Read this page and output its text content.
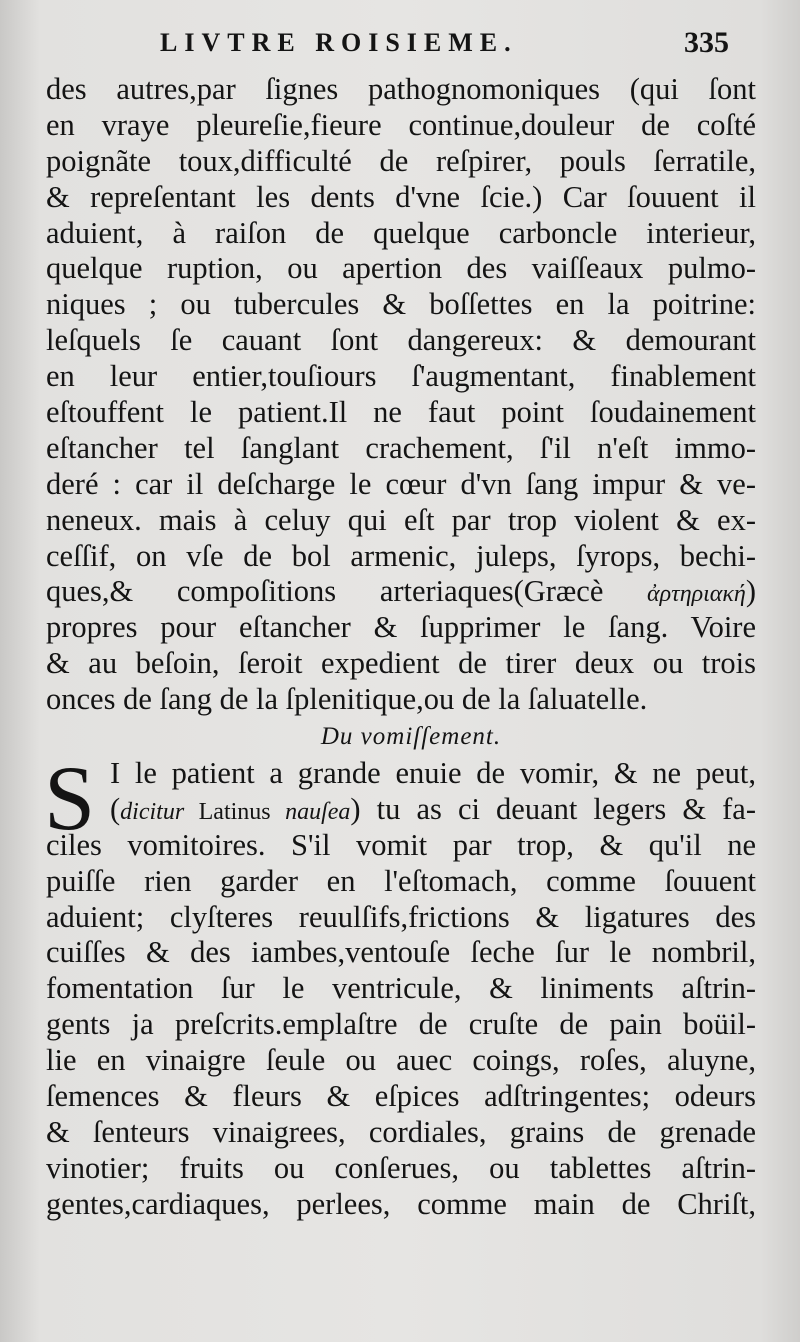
LIVTRE ROISIEME.	335
des autres,par ſignes pathognomoniques (qui ſont
en vraye pleureſie,fieure continue,douleur de coſté
poignãte toux,difficulté de reſpirer, pouls ſerratile,
& repreſentant les dents d'vne ſcie.) Car ſouuent il
aduient, à raiſon de quelque carboncle interieur,
quelque ruption, ou apertion des vaiſſeaux pulmo-
niques ; ou tubercules & boſſettes en la poitrine:
leſquels ſe cauant ſont dangereux: & demourant
en leur entier,touſiours ſ'augmentant, finablement
eſtouffent le patient.Il ne faut point ſoudainement
eſtancher tel ſanglant crachement, ſ'il n'eſt immo-
deré : car il deſcharge le cœur d'vn ſang impur & ve-
neneux. mais à celuy qui eſt par trop violent & ex-
ceſſif, on vſe de bol armenic, juleps, ſyrops, bechi-
ques,& compoſitions arteriaques(Græcè ἀρτηριακή)
propres pour eſtancher & ſupprimer le ſang. Voire
& au beſoin, ſeroit expedient de tirer deux ou trois
onces de ſang de la ſplenitique,ou de la ſaluatelle.
Du vomiſſement.
S I le patient a grande enuie de vomir, & ne peut,
(dicitur Latinus nauſea) tu as ci deuant legers & fa-
ciles vomitoires. S'il vomit par trop, & qu'il ne
puiſſe rien garder en l'eſtomach, comme ſouuent
aduient; clyſteres reuulſifs,frictions & ligatures des
cuiſſes & des iambes,ventouſe ſeche ſur le nombril,
fomentation ſur le ventricule, & liniments aſtrin-
gents ja preſcrits.emplaſtre de cruſte de pain boüil-
lie en vinaigre ſeule ou auec coings, roſes, aluyne,
ſemences & fleurs & eſpices adſtringentes; odeurs
& ſenteurs vinaigrees, cordiales, grains de grenade
vinotier; fruits ou conſerues, ou tablettes aſtrin-
gentes,cardiaques, perlees, comme main de Chriſt,
